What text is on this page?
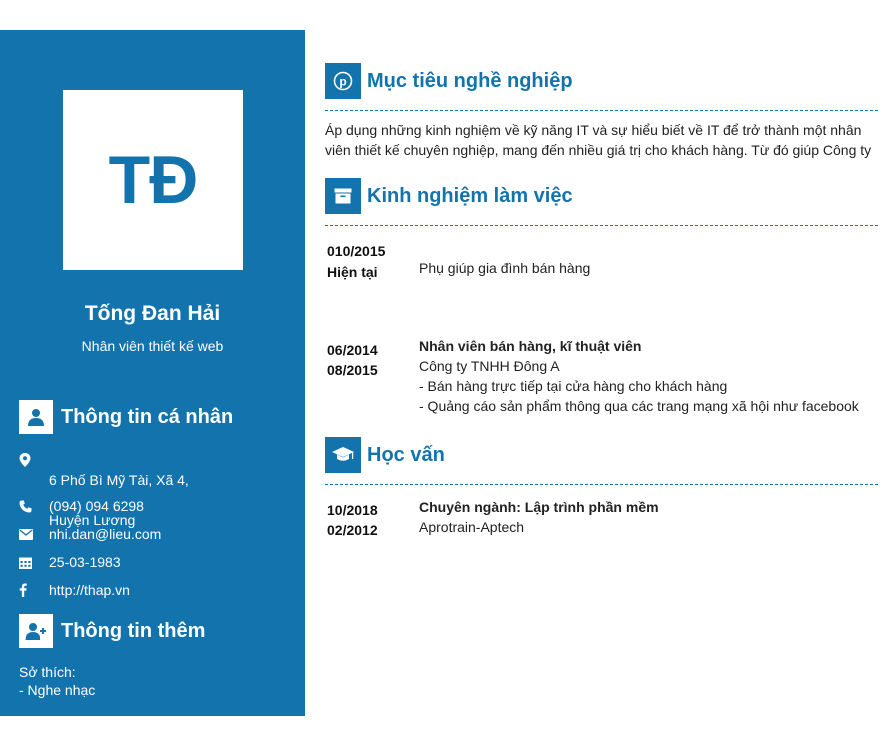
TĐ
Tống Đan Hải
Nhân viên thiết kế web
Thông tin cá nhân

6 Phố Bì Mỹ Tài, Xã 4,

Huyện Lương

(094) 094 6298
nhi.dan@lieu.com
25-03-1983
http://thap.vn
Thông tin thêm
Sở thích:
- Nghe nhạc
p Mục tiêu nghề nghiệp
Áp dụng những kinh nghiệm về kỹ năng IT và sự hiểu biết về IT để trở thành một nhân viên thiết kế chuyên nghiệp, mang đến nhiều giá trị cho khách hàng. Từ đó giúp Công ty
Kinh nghiệm làm việc
010/2015
Hiện tại	Phụ giúp gia đình bán hàng
06/2014
08/2015
Nhân viên bán hàng, kĩ thuật viên
Công ty TNHH Đông A
- Bán hàng trực tiếp tại cửa hàng cho khách hàng
- Quảng cáo sản phẩm thông qua các trang mạng xã hội như facebook
Học vấn
10/2018
02/2012
Chuyên ngành: Lập trình phần mềm
Aprotrain-Aptech
